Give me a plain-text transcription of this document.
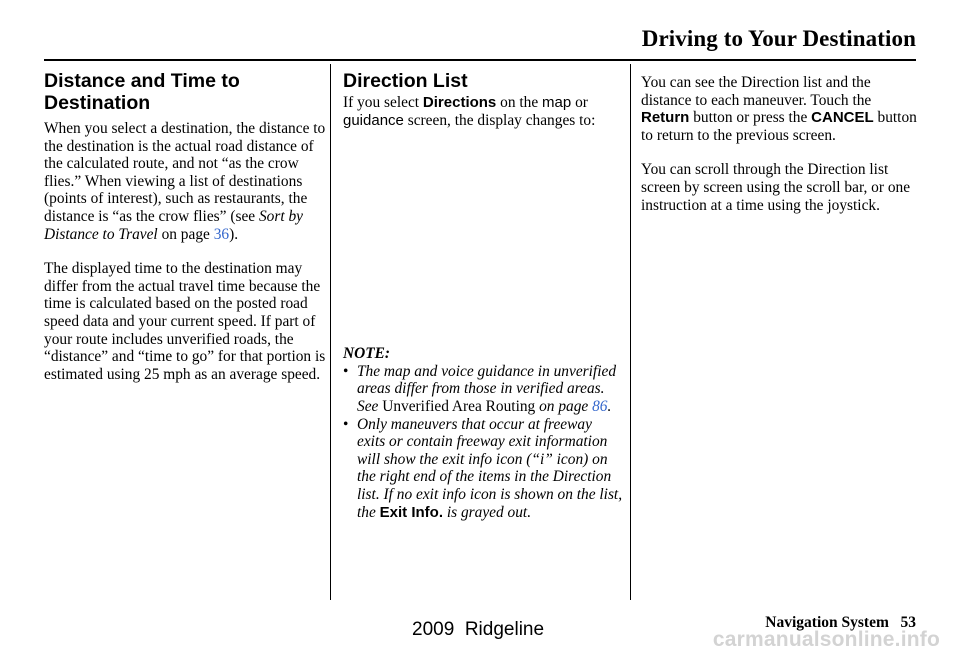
Driving to Your Destination
Distance and Time to
Destination

When you select a destination, the distance to the destination is the actual road distance of the calculated route, and not “as the crow flies.” When viewing a list of destinations (points of interest), such as restaurants, the distance is “as the crow flies” (see Sort by Distance to Travel on page 36).

The displayed time to the destination may differ from the actual travel time because the time is calculated based on the posted road speed data and your current speed. If part of your route includes unverified roads, the “distance” and “time to go” for that portion is estimated using 25 mph as an average speed.

Direction List

If you select Directions on the map or guidance screen, the display changes to:

NOTE:

• The map and voice guidance in unverified areas differ from those in verified areas. See Unverified Area Routing on page 86.
• Only maneuvers that occur at freeway exits or contain freeway exit information will show the exit info icon (“i” icon) on the right end of the items in the Direction list. If no exit info icon is shown on the list, the Exit Info. is grayed out.

You can see the Direction list and the distance to each maneuver. Touch the Return button or press the CANCEL button to return to the previous screen.

You can scroll through the Direction list screen by screen using the scroll bar, or one instruction at a time using the joystick.

Navigation System 53
2009  Ridgeline	carmanualsonline.info
